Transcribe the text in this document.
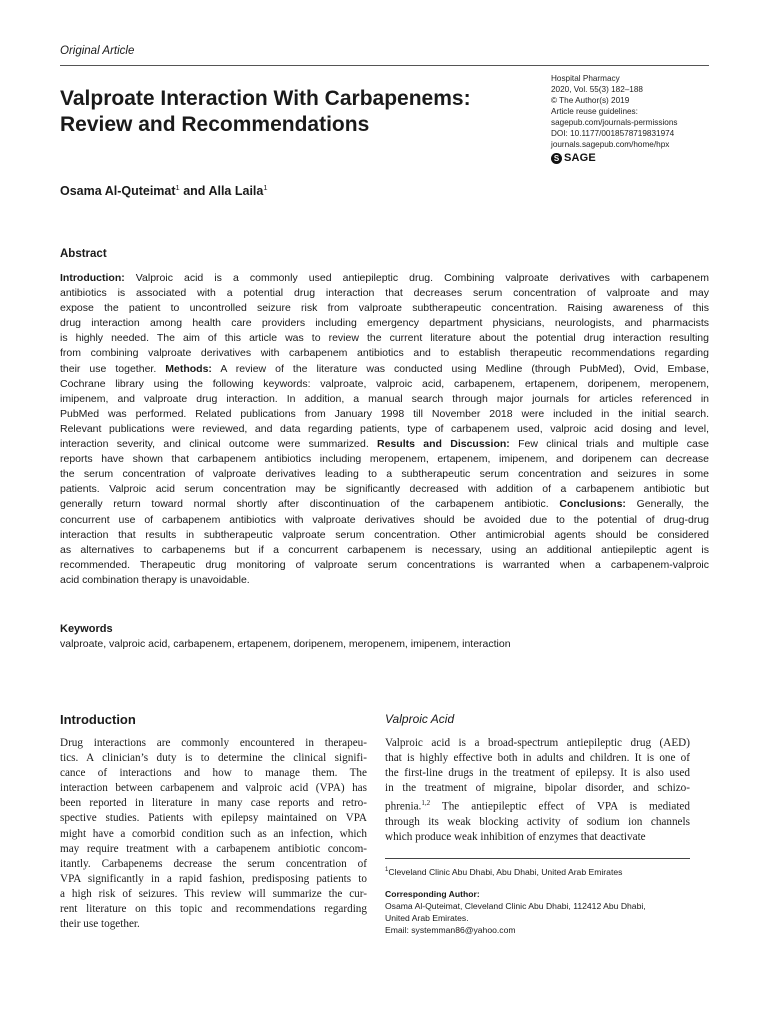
Original Article
Valproate Interaction With Carbapenems:
Review and Recommendations
Hospital Pharmacy
2020, Vol. 55(3) 182–188
© The Author(s) 2019
Article reuse guidelines:
sagepub.com/journals-permissions
DOI: 10.1177/0018578719831974
journals.sagepub.com/home/hpx
S SAGE
Osama Al-Quteimat$^1$ and Alla Laila$^1$
Abstract
Introduction: Valproic acid is a commonly used antiepileptic drug. Combining valproate derivatives with carbapenem
antibiotics is associated with a potential drug interaction that decreases serum concentration of valproate and may
expose the patient to uncontrolled seizure risk from valproate subtherapeutic concentration. Raising awareness of this
drug interaction among health care providers including emergency department physicians, neurologists, and pharmacists
is highly needed. The aim of this article was to review the current literature about the potential drug interaction resulting
from combining valproate derivatives with carbapenem antibiotics and to establish therapeutic recommendations regarding
their use together. Methods: A review of the literature was conducted using Medline (through PubMed), Ovid, Embase,
Cochrane library using the following keywords: valproate, valproic acid, carbapenem, ertapenem, doripenem, meropenem,
imipenem, and valproate drug interaction. In addition, a manual search through major journals for articles referenced in
PubMed was performed. Related publications from January 1998 till November 2018 were included in the initial search.
Relevant publications were reviewed, and data regarding patients, type of carbapenem used, valproic acid dosing and level,
interaction severity, and clinical outcome were summarized. Results and Discussion: Few clinical trials and multiple case
reports have shown that carbapenem antibiotics including meropenem, ertapenem, imipenem, and doripenem can decrease
the serum concentration of valproate derivatives leading to a subtherapeutic serum concentration and seizures in some
patients. Valproic acid serum concentration may be significantly decreased with addition of a carbapenem antibiotic but
generally return toward normal shortly after discontinuation of the carbapenem antibiotic. Conclusions: Generally, the
concurrent use of carbapenem antibiotics with valproate derivatives should be avoided due to the potential of drug-drug
interaction that results in subtherapeutic valproate serum concentration. Other antimicrobial agents should be considered
as alternatives to carbapenems but if a concurrent carbapenem is necessary, using an additional antiepileptic agent is
recommended. Therapeutic drug monitoring of valproate serum concentrations is warranted when a carbapenem-valproic
acid combination therapy is unavoidable.
Keywords
valproate, valproic acid, carbapenem, ertapenem, doripenem, meropenem, imipenem, interaction
Introduction
Drug interactions are commonly encountered in therapeu-
tics. A clinician’s duty is to determine the clinical signifi-
cance of interactions and how to manage them. The
interaction between carbapenem and valproic acid (VPA) has
been reported in literature in many case reports and retro-
spective studies. Patients with epilepsy maintained on VPA
might have a comorbid condition such as an infection, which
may require treatment with a carbapenem antibiotic concom-
itantly. Carbapenems decrease the serum concentration of
VPA significantly in a rapid fashion, predisposing patients to
a high risk of seizures. This review will summarize the cur-
rent literature on this topic and recommendations regarding
their use together.
Valproic Acid
Valproic acid is a broad-spectrum antiepileptic drug (AED)
that is highly effective both in adults and children. It is one of
the first-line drugs in the treatment of epilepsy. It is also used
in the treatment of migraine, bipolar disorder, and schizo-
phrenia.$^{1,2}$ The antiepileptic effect of VPA is mediated
through its weak blocking activity of sodium ion channels
which produce weak inhibition of enzymes that deactivate
$^1$Cleveland Clinic Abu Dhabi, Abu Dhabi, United Arab Emirates
Corresponding Author:
Osama Al-Quteimat, Cleveland Clinic Abu Dhabi, 112412 Abu Dhabi,
United Arab Emirates.
Email: systemman86@yahoo.com
